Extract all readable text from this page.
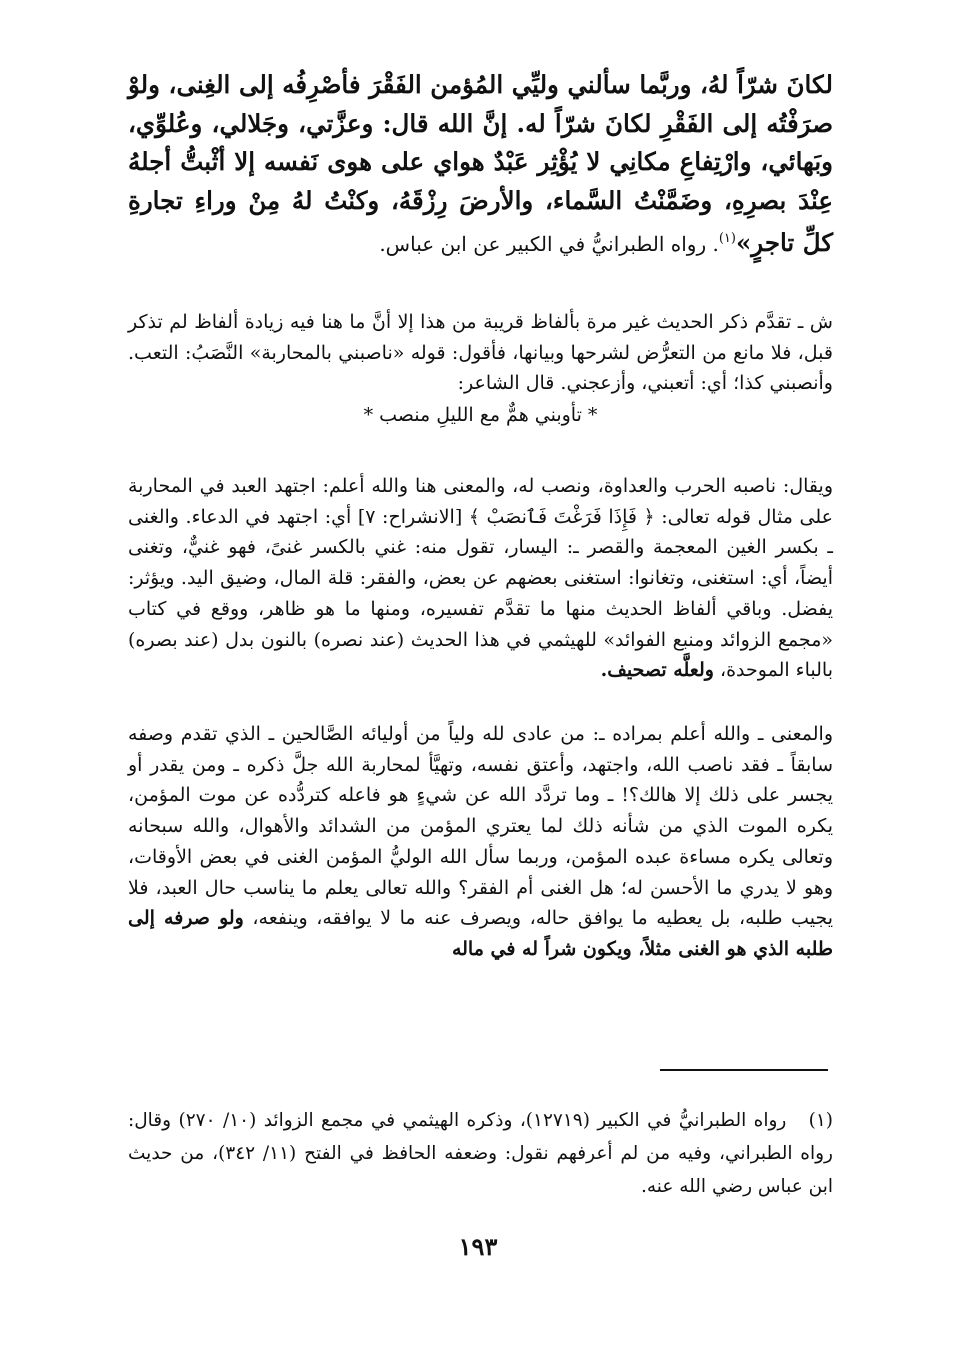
لكانَ شرّاً لهُ، وربَّما سألني وليِّي المُؤمن الفَقْرَ فأصْرِفُه إلى الغِنى، ولوْ صرَفْتُه إلى الفَقْرِ لكانَ شرّاً له. إنَّ الله قال: وعزَّتي، وجَلالي، وعُلوِّي، وبَهائي، وارْتِفاعِ مكانِي لا يُؤْثِر عَبْدٌ هواي على هوى نَفسه إلا أثْبتُّ أجلهُ عِنْدَ بصرِهِ، وضَمَّنْتُ السَّماء، والأرضَ رِزْقَهُ، وكنْتُ لهُ مِنْ وراءِ تجارةِ كلِّ تاجرٍ»$^{(١)}$. رواه الطبرانيُّ في الكبير عن ابن عباس.

ش ـ تقدَّم ذكر الحديث غير مرة بألفاظ قريبة من هذا إلا أنَّ ما هنا فيه زيادة ألفاظ لم تذكر قبل، فلا مانع من التعرُّض لشرحها وبيانها، فأقول: قوله «ناصبني بالمحاربة» النَّصَبُ: التعب. وأنصبني كذا؛ أي: أتعبني، وأزعجني. قال الشاعر:

* تأوبني همٌّ مع الليلِ منصب *

ويقال: ناصبه الحرب والعداوة، ونصب له، والمعنى هنا والله أعلم: اجتهد العبد في المحاربة على مثال قوله تعالى: ﴿ فَإِذَا فَرَغْتَ فَٱنصَبْ ﴾ [الانشراح: ٧] أي: اجتهد في الدعاء. والغنى ـ بكسر الغين المعجمة والقصر ـ: اليسار، تقول منه: غني بالكسر غنىً، فهو غنيٌّ، وتغنى أيضاً، أي: استغنى، وتغانوا: استغنى بعضهم عن بعض، والفقر: قلة المال، وضيق اليد. ويؤثر: يفضل. وباقي ألفاظ الحديث منها ما تقدَّم تفسيره، ومنها ما هو ظاهر، ووقع في كتاب «مجمع الزوائد ومنبع الفوائد» للهيثمي في هذا الحديث (عند نصره) بالنون بدل (عند بصره) بالباء الموحدة، ولعلَّه تصحيف.

والمعنى ـ والله أعلم بمراده ـ: من عادى لله ولياً من أوليائه الصَّالحين ـ الذي تقدم وصفه سابقاً ـ فقد ناصب الله، واجتهد، وأعتق نفسه، وتهيَّأ لمحاربة الله جلَّ ذكره ـ ومن يقدر أو يجسر على ذلك إلا هالك؟! ـ وما تردَّد الله عن شيءٍ هو فاعله كتردُّده عن موت المؤمن، يكره الموت الذي من شأنه ذلك لما يعتري المؤمن من الشدائد والأهوال، والله سبحانه وتعالى يكره مساءة عبده المؤمن، وربما سأل الله الوليُّ المؤمن الغنى في بعض الأوقات، وهو لا يدري ما الأحسن له؛ هل الغنى أم الفقر؟ والله تعالى يعلم ما يناسب حال العبد، فلا يجيب طلبه، بل يعطيه ما يوافق حاله، ويصرف عنه ما لا يوافقه، وينفعه، ولو صرفه إلى طلبه الذي هو الغنى مثلاً، ويكون شراً له في ماله

(١)   رواه الطبرانيُّ في الكبير (١٢٧١٩)، وذكره الهيثمي في مجمع الزوائد (١٠/ ٢٧٠) وقال: رواه الطبراني، وفيه من لم أعرفهم نقول: وضعفه الحافظ في الفتح (١١/ ٣٤٢)، من حديث ابن عباس رضي الله عنه.

١٩٣
